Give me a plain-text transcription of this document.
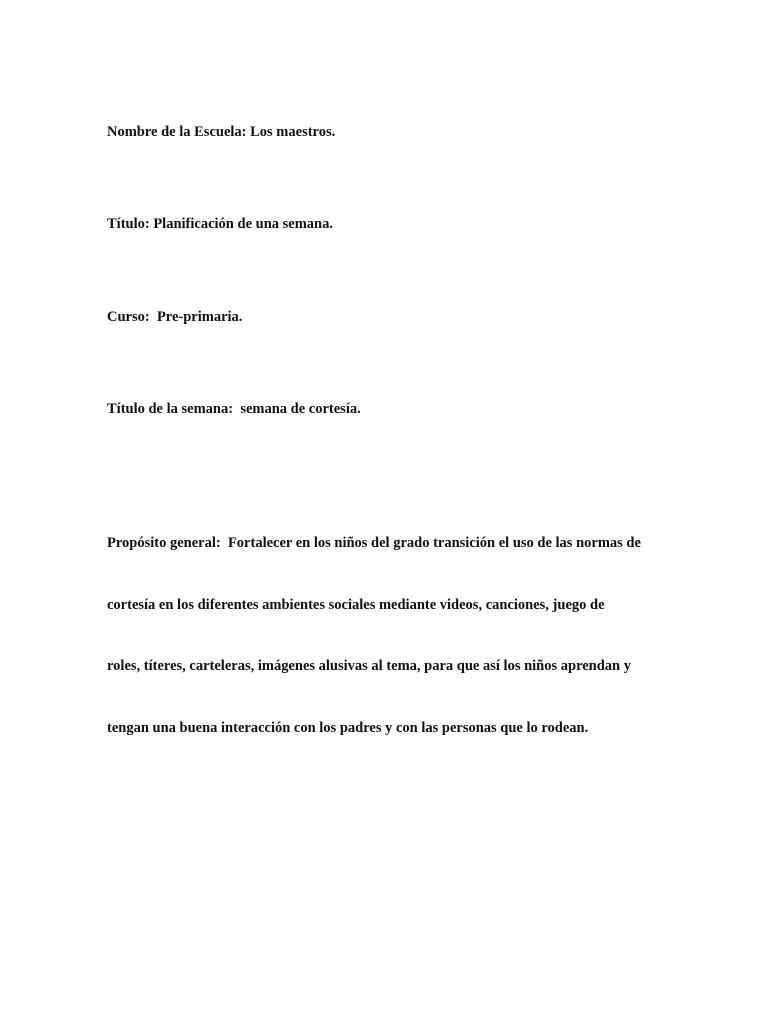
Nombre de la Escuela: Los maestros.

Título: Planificación de una semana.

Curso:  Pre-primaria.

Título de la semana:  semana de cortesía.

Propósito general:  Fortalecer en los niños del grado transición el uso de las normas de

cortesía en los diferentes ambientes sociales mediante videos, canciones, juego de

roles, títeres, carteleras, imágenes alusivas al tema, para que así los niños aprendan y

tengan una buena interacción con los padres y con las personas que lo rodean.
